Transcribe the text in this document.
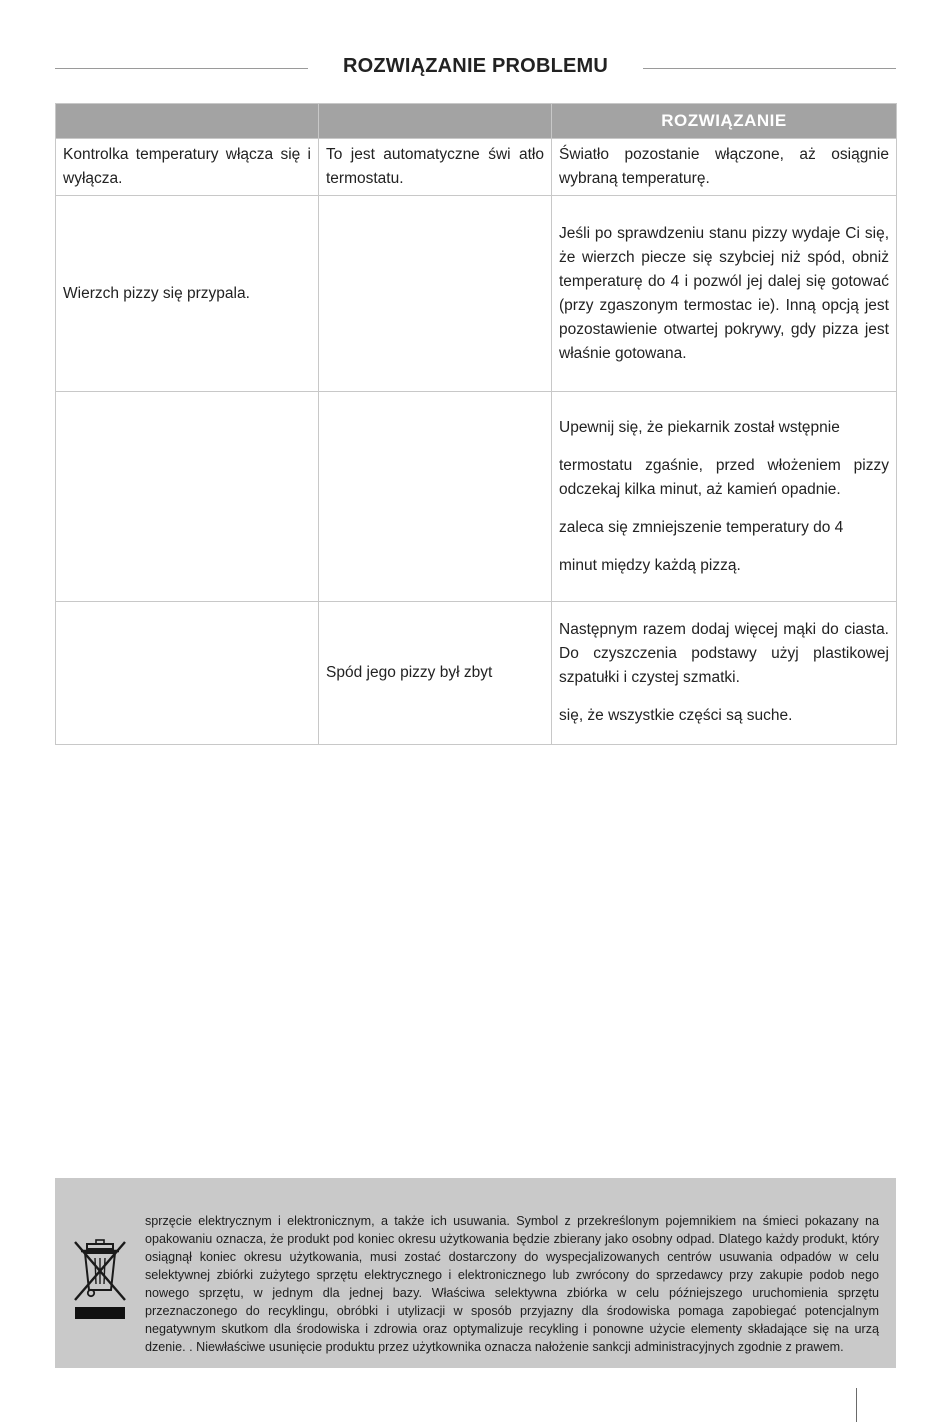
ROZWIĄZANIE PROBLEMU
		ROZWIĄZANIE
Kontrolka temperatury włącza się i wyłącza.	To jest automatyczne świ atło termostatu.	Światło pozostanie włączone, aż osiągnie wybraną temperaturę.

Wierzch pizzy się przypala.		Jeśli po sprawdzeniu stanu pizzy wydaje Ci się, że wierzch piecze się szybciej niż spód, obniż temperaturę do 4 i pozwól jej dalej się gotować (przy zgaszonym termostac ie). Inną opcją jest pozostawienie otwartej pokrywy, gdy pizza jest właśnie gotowana.

		Upewnij się, że piekarnik został wstępnie

termostatu zgaśnie, przed włożeniem pizzy odczekaj kilka minut, aż kamień opadnie.

zaleca się zmniejszenie temperatury do 4

minut między każdą pizzą.

	Spód jego pizzy był zbyt	Następnym razem dodaj więcej mąki do ciasta. Do czyszczenia podstawy użyj plastikowej szpatułki i czystej szmatki.

się, że wszystkie części są suche.

sprzęcie elektrycznym i elektronicznym, a także ich usuwania. Symbol z przekreślonym pojemnikiem na śmieci pokazany na opakowaniu oznacza, że produkt pod koniec okresu użytkowania będzie zbierany jako osobny odpad. Dlatego każdy produkt, który osiągnął koniec okresu użytkowania, musi zostać dostarczony do wyspecjalizowanych centrów usuwania odpadów w celu selektywnej zbiórki zużytego sprzętu elektrycznego i elektronicznego lub zwrócony do sprzedawcy przy zakupie podob nego nowego sprzętu, w jednym dla jednej bazy. Właściwa selektywna zbiórka w celu późniejszego uruchomienia sprzętu przeznaczonego do recyklingu, obróbki i utylizacji w sposób przyjazny dla środowiska pomaga zapobiegać potencjalnym negatywnym skutkom dla środowiska i zdrowia oraz optymalizuje recykling i ponowne użycie elementy składające się na urzą dzenie. . Niewłaściwe usunięcie produktu przez użytkownika oznacza nałożenie sankcji administracyjnych zgodnie z prawem.
